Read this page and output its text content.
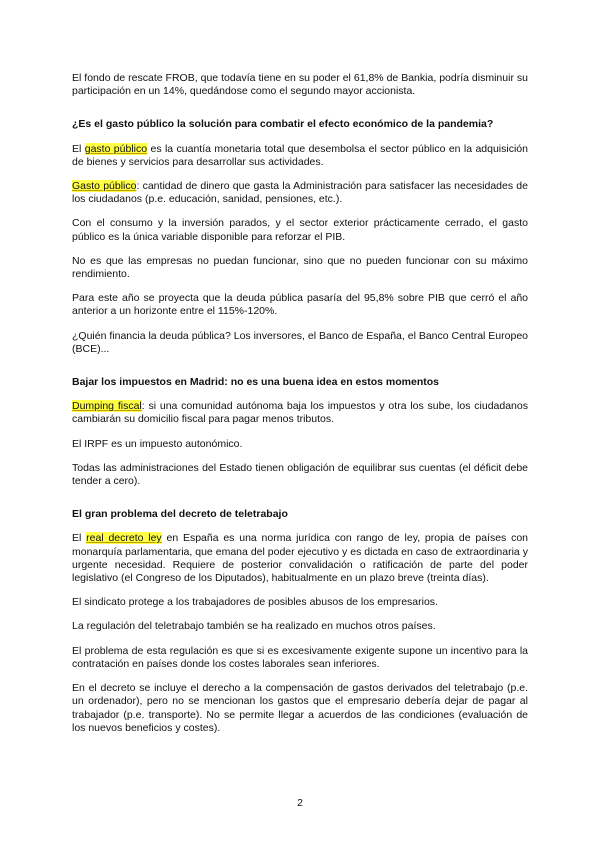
El fondo de rescate FROB, que todavía tiene en su poder el 61,8% de Bankia, podría disminuir su participación en un 14%, quedándose como el segundo mayor accionista.

¿Es el gasto público la solución para combatir el efecto económico de la pandemia?

El gasto público es la cuantía monetaria total que desembolsa el sector público en la adquisición de bienes y servicios para desarrollar sus actividades.

Gasto público: cantidad de dinero que gasta la Administración para satisfacer las necesidades de los ciudadanos (p.e. educación, sanidad, pensiones, etc.).

Con el consumo y la inversión parados, y el sector exterior prácticamente cerrado, el gasto público es la única variable disponible para reforzar el PIB.

No es que las empresas no puedan funcionar, sino que no pueden funcionar con su máximo rendimiento.

Para este año se proyecta que la deuda pública pasaría del 95,8% sobre PIB que cerró el año anterior a un horizonte entre el 115%-120%.

¿Quién financia la deuda pública? Los inversores, el Banco de España, el Banco Central Europeo (BCE)...

Bajar los impuestos en Madrid: no es una buena idea en estos momentos

Dumping fiscal: si una comunidad autónoma baja los impuestos y otra los sube, los ciudadanos cambiarán su domicilio fiscal para pagar menos tributos.

El IRPF es un impuesto autonómico.

Todas las administraciones del Estado tienen obligación de equilibrar sus cuentas (el déficit debe tender a cero).

El gran problema del decreto de teletrabajo

El real decreto ley en España es una norma jurídica con rango de ley, propia de países con monarquía parlamentaria, que emana del poder ejecutivo y es dictada en caso de extraordinaria y urgente necesidad. Requiere de posterior convalidación o ratificación de parte del poder legislativo (el Congreso de los Diputados), habitualmente en un plazo breve (treinta días).

El sindicato protege a los trabajadores de posibles abusos de los empresarios.

La regulación del teletrabajo también se ha realizado en muchos otros países.

El problema de esta regulación es que si es excesivamente exigente supone un incentivo para la contratación en países donde los costes laborales sean inferiores.

En el decreto se incluye el derecho a la compensación de gastos derivados del teletrabajo (p.e. un ordenador), pero no se mencionan los gastos que el empresario debería dejar de pagar al trabajador (p.e. transporte). No se permite llegar a acuerdos de las condiciones (evaluación de los nuevos beneficios y costes).

2
